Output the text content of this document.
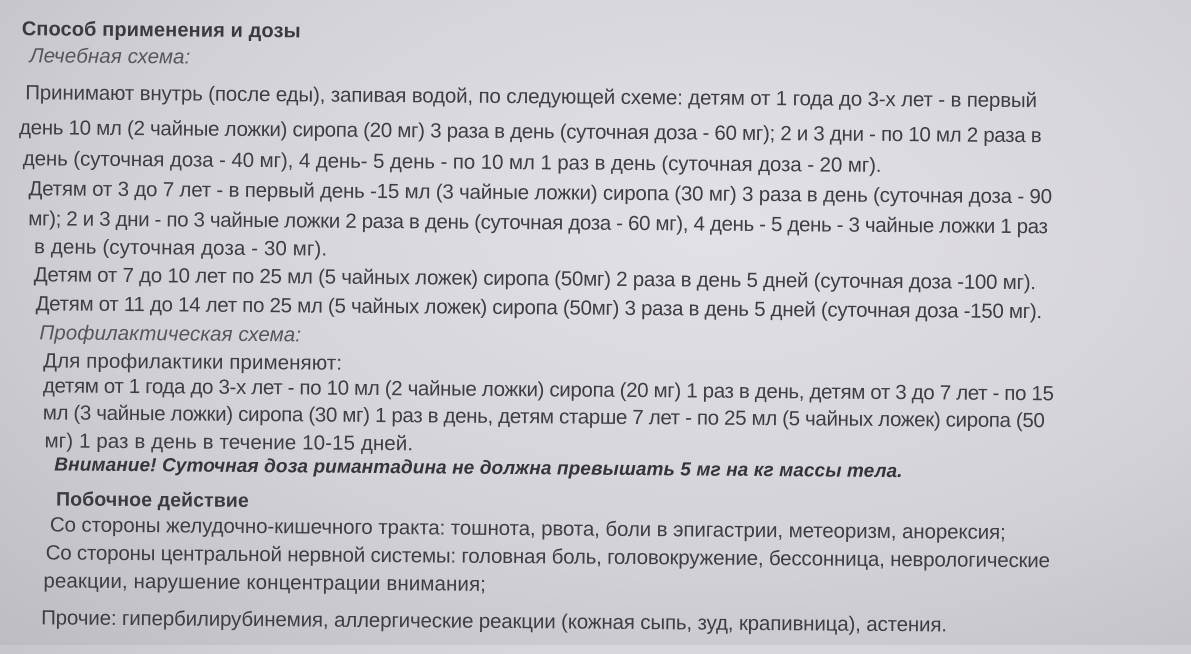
Способ применения и дозы
Лечебная схема:
Принимают внутрь (после еды), запивая водой, по следующей схеме: детям от 1 года до 3-х лет - в первый
день 10 мл (2 чайные ложки) сиропа (20 мг) 3 раза в день (суточная доза - 60 мг); 2 и 3 дни - по 10 мл 2 раза в
день (суточная доза - 40 мг), 4 день- 5 день - по 10 мл 1 раз в день (суточная доза - 20 мг).
Детям от 3 до 7 лет - в первый день -15 мл (3 чайные ложки) сиропа (30 мг) 3 раза в день (суточная доза - 90
мг); 2 и 3 дни - по 3 чайные ложки 2 раза в день (суточная доза - 60 мг), 4 день - 5 день - 3 чайные ложки 1 раз
в день (суточная доза - 30 мг).
Детям от 7 до 10 лет по 25 мл (5 чайных ложек) сиропа (50мг) 2 раза в день 5 дней (суточная доза -100 мг).
Детям от 11 до 14 лет по 25 мл (5 чайных ложек) сиропа (50мг) 3 раза в день 5 дней (суточная доза -150 мг).
Профилактическая схема:
Для профилактики применяют:
детям от 1 года до 3-х лет - по 10 мл (2 чайные ложки) сиропа (20 мг) 1 раз в день, детям от 3 до 7 лет - по 15
мл (3 чайные ложки) сиропа (30 мг) 1 раз в день, детям старше 7 лет - по 25 мл (5 чайных ложек) сиропа (50
мг) 1 раз в день в течение 10-15 дней.
Внимание! Суточная доза римантадина не должна превышать 5 мг на кг массы тела.
Побочное действие
Со стороны желудочно-кишечного тракта: тошнота, рвота, боли в эпигастрии, метеоризм, анорексия;
Со стороны центральной нервной системы: головная боль, головокружение, бессонница, неврологические
реакции, нарушение концентрации внимания;
Прочие: гипербилирубинемия, аллергические реакции (кожная сыпь, зуд, крапивница), астения.
